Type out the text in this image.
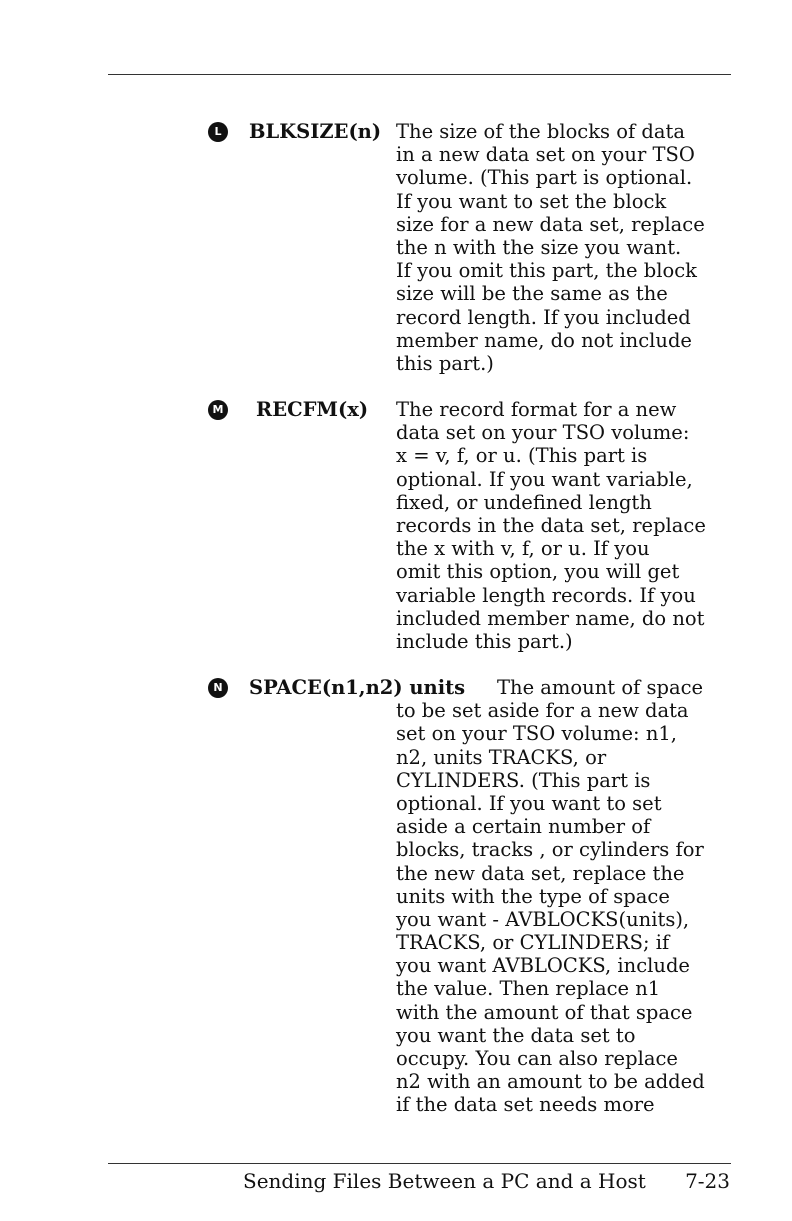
L	BLKSIZE(n) The size of the blocks of data
in a new data set on your TSO
volume. (This part is optional.
If you want to set the block
size for a new data set, replace
the n with the size you want.
If you omit this part, the block
size will be the same as the
record length. If you included
member name, do not include
this part.)
M RECFM(x) The record format for a new
data set on your TSO volume:
x = v, f, or u. (This part is
optional. If you want variable,
fixed, or undefined length
records in the data set, replace
the x with v, f, or u. If you
omit this option, you will get
variable length records. If you
included member name, do not
include this part.)
N SPACE(n1,n2) units	The amount of space
to be set aside for a new data
set on your TSO volume: n1,
n2, units TRACKS, or
CYLINDERS. (This part is
optional. If you want to set
aside a certain number of
blocks, tracks , or cylinders for
the new data set, replace the
units with the type of space
you want - AVBLOCKS(units),
TRACKS, or CYLINDERS; if
you want AVBLOCKS, include
the value. Then replace n1
with the amount of that space
you want the data set to
occupy. You can also replace
n2 with an amount to be added
if the data set needs more
Sending Files Between a PC and a Host 7-23
